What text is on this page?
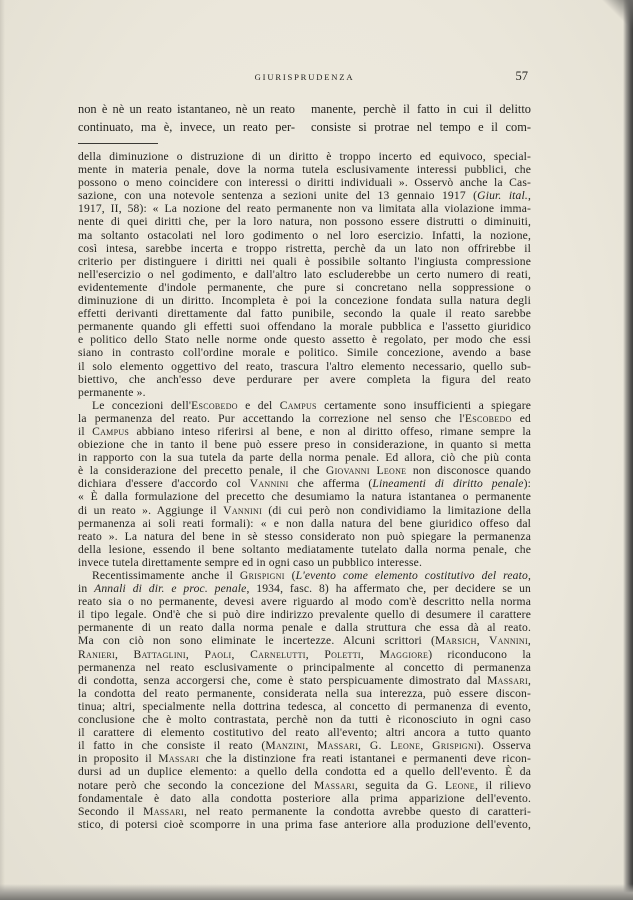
GIURISPRUDENZA	57
non è nè un reato istantaneo, nè un reato
continuato, ma è, invece, un reato per-
manente, perchè il fatto in cui il delitto
consiste si protrae nel tempo e il com-
della diminuzione o distruzione di un diritto è troppo incerto ed equivoco, special-
mente in materia penale, dove la norma tutela esclusivamente interessi pubblici, che
possono o meno coincidere con interessi o diritti individuali ». Osservò anche la Cas-
sazione, con una notevole sentenza a sezioni unite del 13 gennaio 1917 (Giur. ital.,
1917, II, 58): « La nozione del reato permanente non va limitata alla violazione imma-
nente di quei diritti che, per la loro natura, non possono essere distrutti o diminuiti,
ma soltanto ostacolati nel loro godimento o nel loro esercizio. Infatti, la nozione,
così intesa, sarebbe incerta e troppo ristretta, perchè da un lato non offrirebbe il
criterio per distinguere i diritti nei quali è possibile soltanto l'ingiusta compressione
nell'esercizio o nel godimento, e dall'altro lato escluderebbe un certo numero di reati,
evidentemente d'indole permanente, che pure si concretano nella soppressione o
diminuzione di un diritto. Incompleta è poi la concezione fondata sulla natura degli
effetti derivanti direttamente dal fatto punibile, secondo la quale il reato sarebbe
permanente quando gli effetti suoi offendano la morale pubblica e l'assetto giuridico
e politico dello Stato nelle norme onde questo assetto è regolato, per modo che essi
siano in contrasto coll'ordine morale e politico. Simile concezione, avendo a base
il solo elemento oggettivo del reato, trascura l'altro elemento necessario, quello sub-
biettivo, che anch'esso deve perdurare per avere completa la figura del reato
permanente ».
Le concezioni dell'Escobedo e del Campus certamente sono insufficienti a spiegare
la permanenza del reato. Pur accettando la correzione nel senso che l'Escobedo ed
il Campus abbiano inteso riferirsi al bene, e non al diritto offeso, rimane sempre la
obiezione che in tanto il bene può essere preso in considerazione, in quanto si metta
in rapporto con la sua tutela da parte della norma penale. Ed allora, ciò che più conta
è la considerazione del precetto penale, il che Giovanni Leone non disconosce quando
dichiara d'essere d'accordo col Vannini che afferma (Lineamenti di diritto penale):
« È dalla formulazione del precetto che desumiamo la natura istantanea o permanente
di un reato ». Aggiunge il Vannini (di cui però non condividiamo la limitazione della
permanenza ai soli reati formali): « e non dalla natura del bene giuridico offeso dal
reato ». La natura del bene in sè stesso considerato non può spiegare la permanenza
della lesione, essendo il bene soltanto mediatamente tutelato dalla norma penale, che
invece tutela direttamente sempre ed in ogni caso un pubblico interesse.
Recentissimamente anche il Grispigni (L'evento come elemento costitutivo del reato,
in Annali di dir. e proc. penale, 1934, fasc. 8) ha affermato che, per decidere se un
reato sia o no permanente, devesi avere riguardo al modo com'è descritto nella norma
il tipo legale. Ond'è che si può dire indirizzo prevalente quello di desumere il carattere
permanente di un reato dalla norma penale e dalla struttura che essa dà al reato.
Ma con ciò non sono eliminate le incertezze. Alcuni scrittori (Marsich, Vannini,
Ranieri, Battaglini, Paoli, Carnelutti, Poletti, Maggiore) riconducono la
permanenza nel reato esclusivamente o principalmente al concetto di permanenza
di condotta, senza accorgersi che, come è stato perspicuamente dimostrato dal Massari,
la condotta del reato permanente, considerata nella sua interezza, può essere discon-
tinua; altri, specialmente nella dottrina tedesca, al concetto di permanenza di evento,
conclusione che è molto contrastata, perchè non da tutti è riconosciuto in ogni caso
il carattere di elemento costitutivo del reato all'evento; altri ancora a tutto quanto
il fatto in che consiste il reato (Manzini, Massari, G. Leone, Grispigni). Osserva
in proposito il Massari che la distinzione fra reati istantanei e permanenti deve ricon-
dursi ad un duplice elemento: a quello della condotta ed a quello dell'evento. È da
notare però che secondo la concezione del Massari, seguita da G. Leone, il rilievo
fondamentale è dato alla condotta posteriore alla prima apparizione dell'evento.
Secondo il Massari, nel reato permanente la condotta avrebbe questo di caratteri-
stico, di potersi cioè scomporre in una prima fase anteriore alla produzione dell'evento,
